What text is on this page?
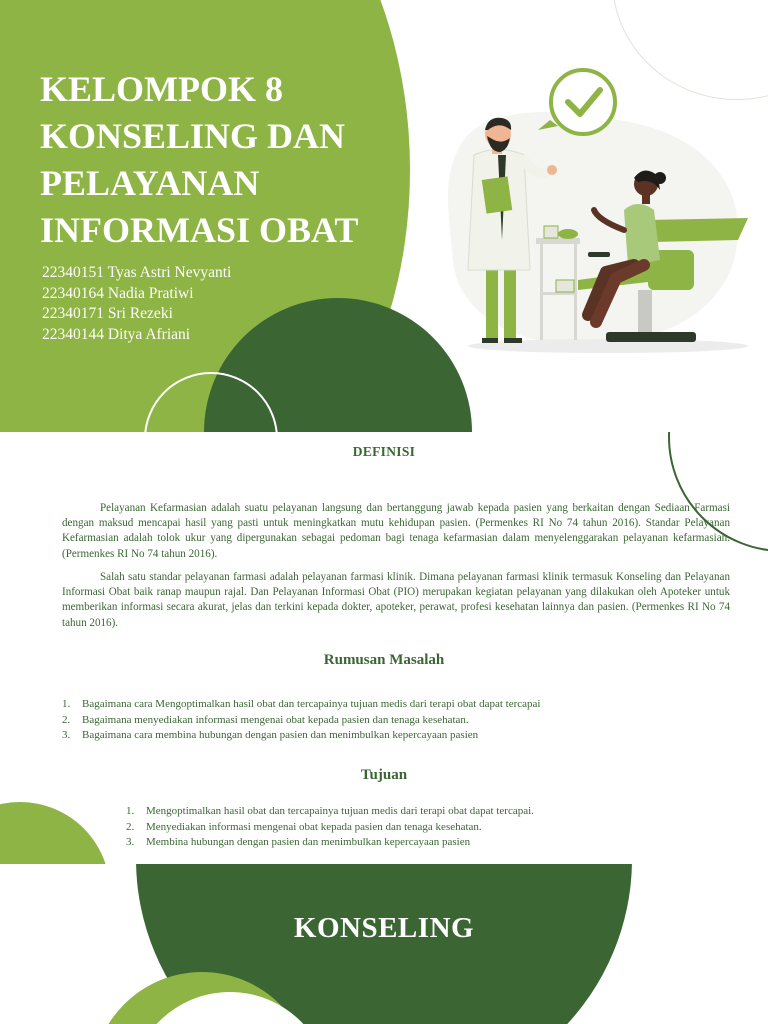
KELOMPOK 8
KONSELING DAN
PELAYANAN
INFORMASI OBAT
22340151 Tyas Astri Nevyanti
22340164 Nadia Pratiwi
22340171 Sri Rezeki
22340144 Ditya Afriani
DEFINISI

Pelayanan Kefarmasian adalah suatu pelayanan langsung dan bertanggung jawab kepada pasien yang berkaitan dengan Sediaan Farmasi dengan maksud mencapai hasil yang pasti untuk meningkatkan mutu kehidupan pasien. (Permenkes RI No 74 tahun 2016). Standar Pelayanan Kefarmasian adalah tolok ukur yang dipergunakan sebagai pedoman bagi tenaga kefarmasian dalam menyelenggarakan pelayanan kefarmasian. (Permenkes RI No 74 tahun 2016).

Salah satu standar pelayanan farmasi adalah pelayanan farmasi klinik. Dimana pelayanan farmasi klinik termasuk Konseling dan Pelayanan Informasi Obat baik ranap maupun rajal. Dan Pelayanan Informasi Obat (PIO) merupakan kegiatan pelayanan yang dilakukan oleh Apoteker untuk memberikan informasi secara akurat, jelas dan terkini kepada dokter, apoteker, perawat, profesi kesehatan lainnya dan pasien. (Permenkes RI No 74 tahun 2016).

Rumusan Masalah
1. Bagaimana cara Mengoptimalkan hasil obat dan tercapainya tujuan medis dari terapi obat dapat tercapai
2. Bagaimana menyediakan informasi mengenai obat kepada pasien dan tenaga kesehatan.
3. Bagaimana cara membina hubungan dengan pasien dan menimbulkan kepercayaan pasien
Tujuan
1. Mengoptimalkan hasil obat dan tercapainya tujuan medis dari terapi obat dapat tercapai.
2. Menyediakan informasi mengenai obat kepada pasien dan tenaga kesehatan.
3. Membina hubungan dengan pasien dan menimbulkan kepercayaan pasien
KONSELING
